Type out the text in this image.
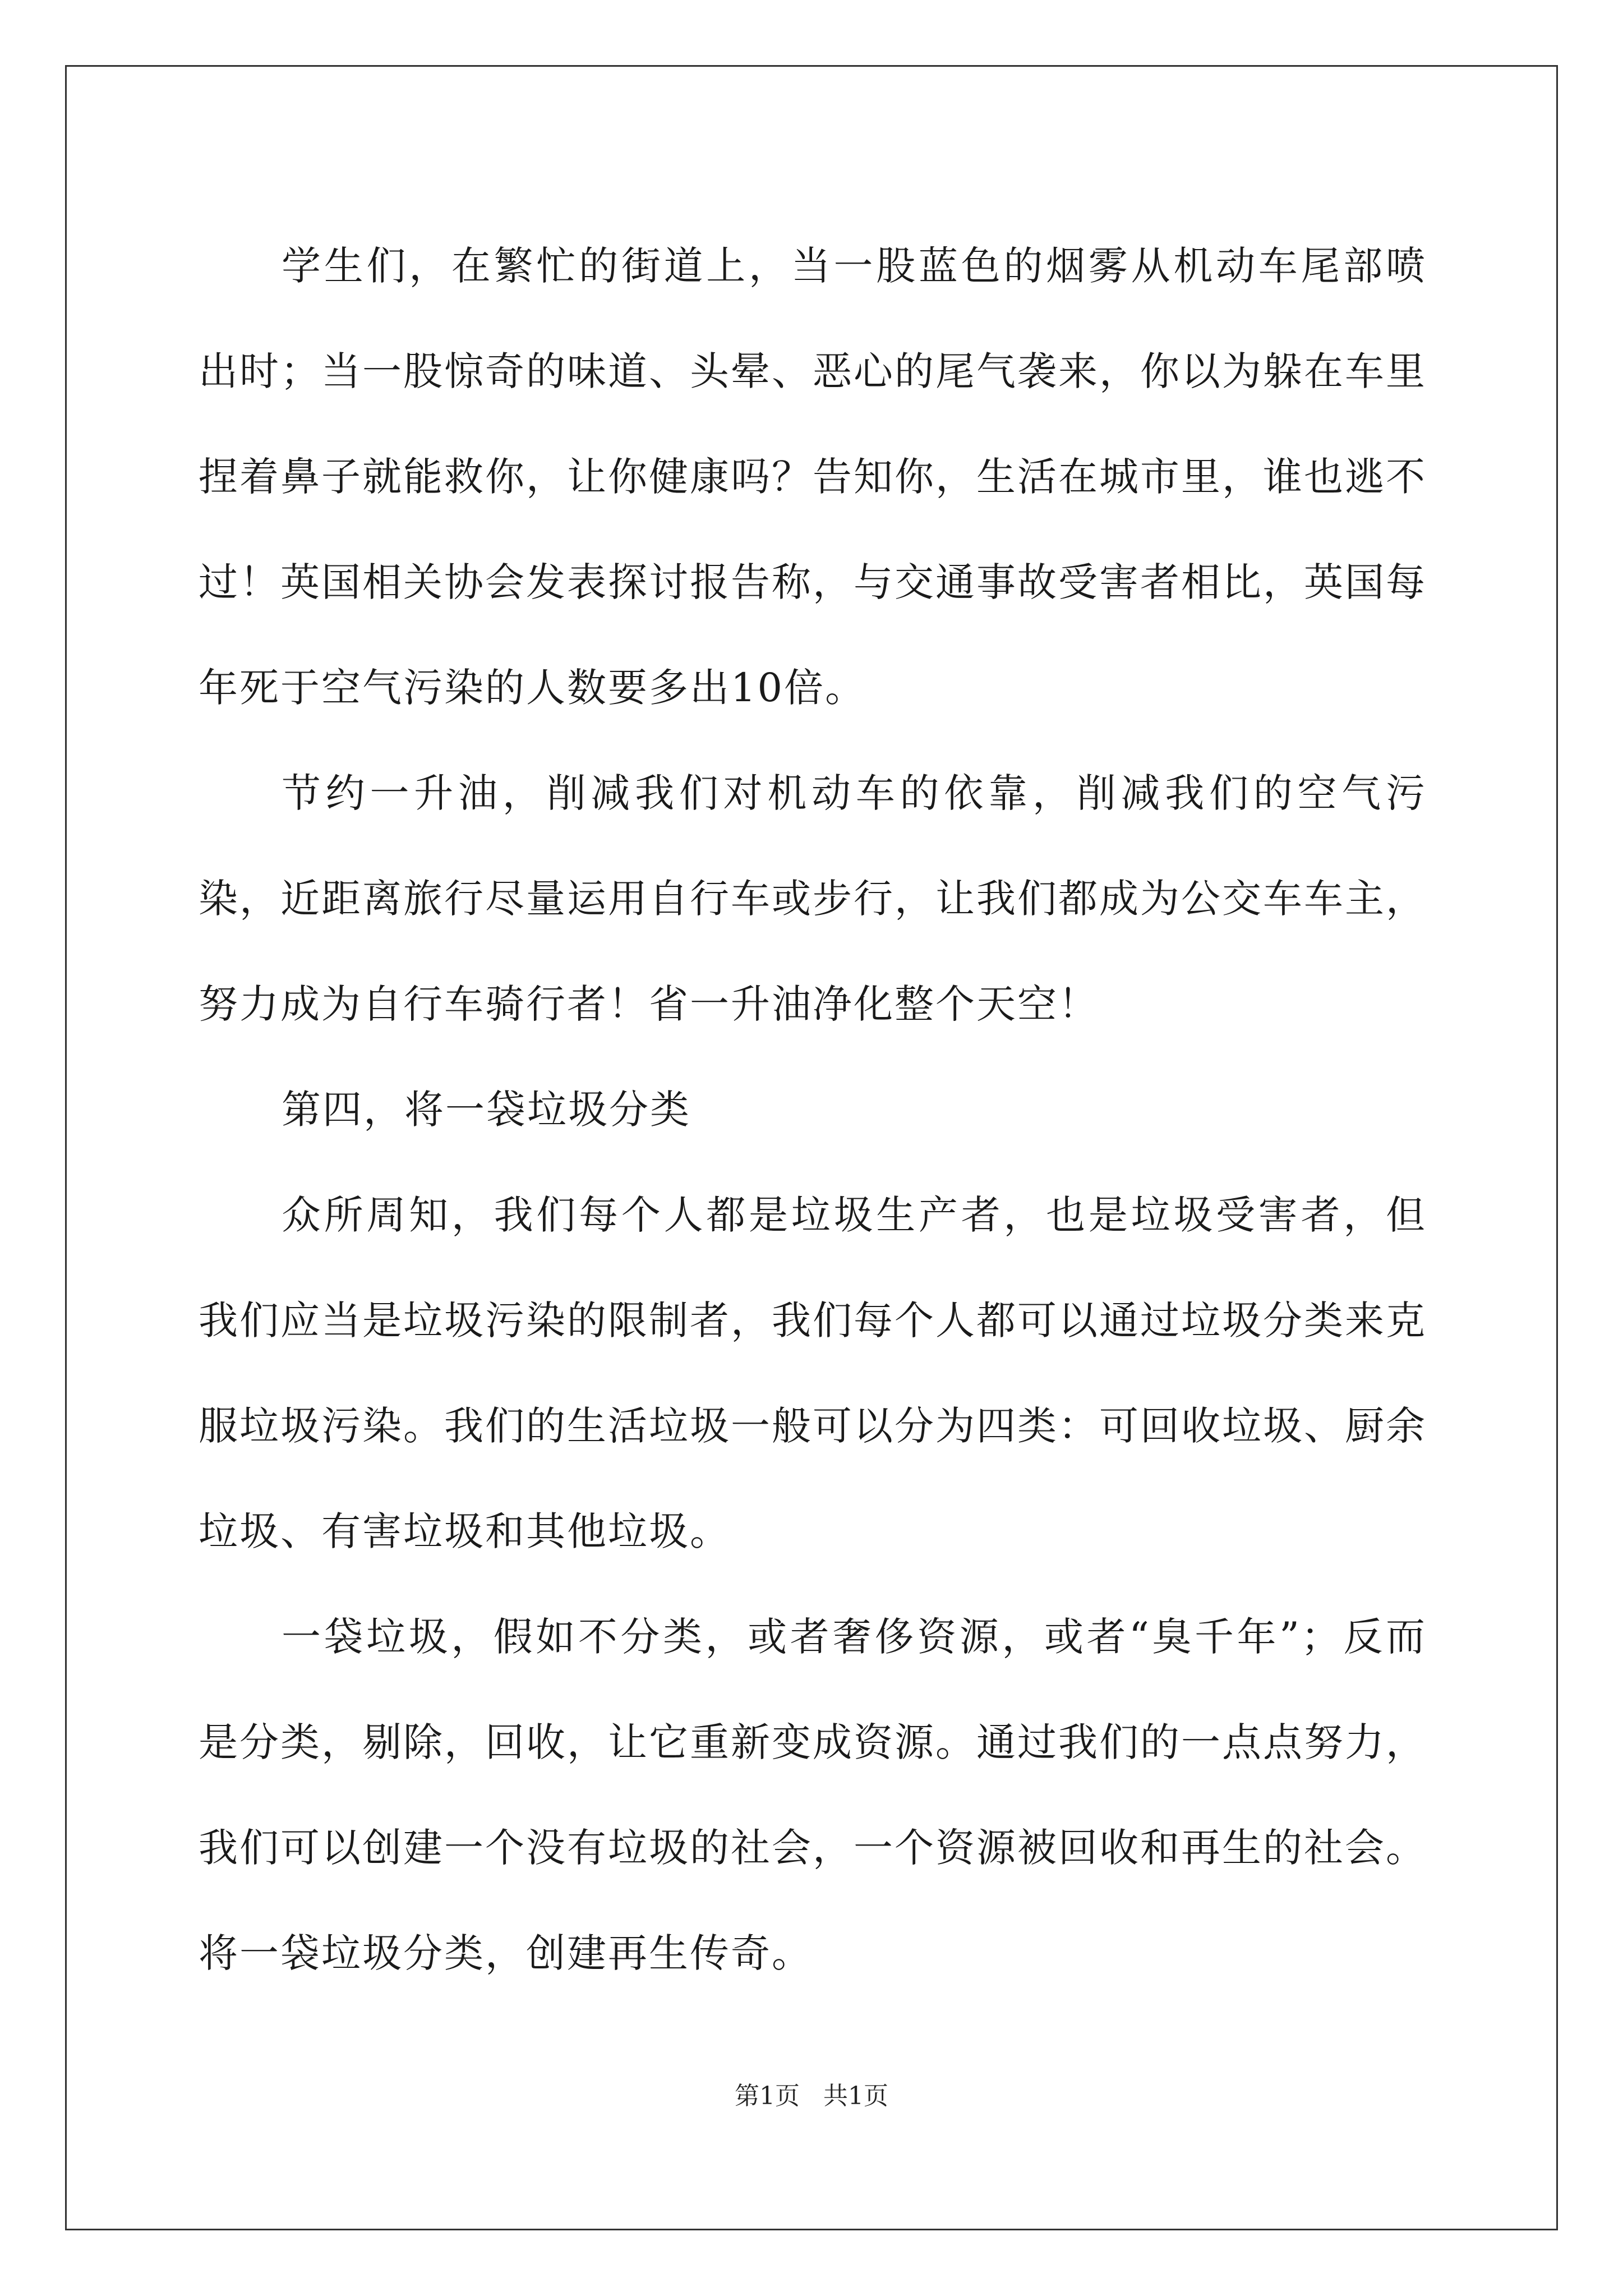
学生们，在繁忙的街道上，当一股蓝色的烟雾从机动车尾部喷出时；当一股惊奇的味道、头晕、恶心的尾气袭来，你以为躲在车里捏着鼻子就能救你，让你健康吗？告知你，生活在城市里，谁也逃不过！英国相关协会发表探讨报告称，与交通事故受害者相比，英国每年死于空气污染的人数要多出10倍。

节约一升油，削减我们对机动车的依靠，削减我们的空气污染，近距离旅行尽量运用自行车或步行，让我们都成为公交车车主，努力成为自行车骑行者！省一升油净化整个天空！

第四，将一袋垃圾分类

众所周知，我们每个人都是垃圾生产者，也是垃圾受害者，但我们应当是垃圾污染的限制者，我们每个人都可以通过垃圾分类来克服垃圾污染。我们的生活垃圾一般可以分为四类：可回收垃圾、厨余垃圾、有害垃圾和其他垃圾。

一袋垃圾，假如不分类，或者奢侈资源，或者“臭千年”；反而是分类，剔除，回收，让它重新变成资源。通过我们的一点点努力，我们可以创建一个没有垃圾的社会，一个资源被回收和再生的社会。将一袋垃圾分类，创建再生传奇。

第1页   共1页
